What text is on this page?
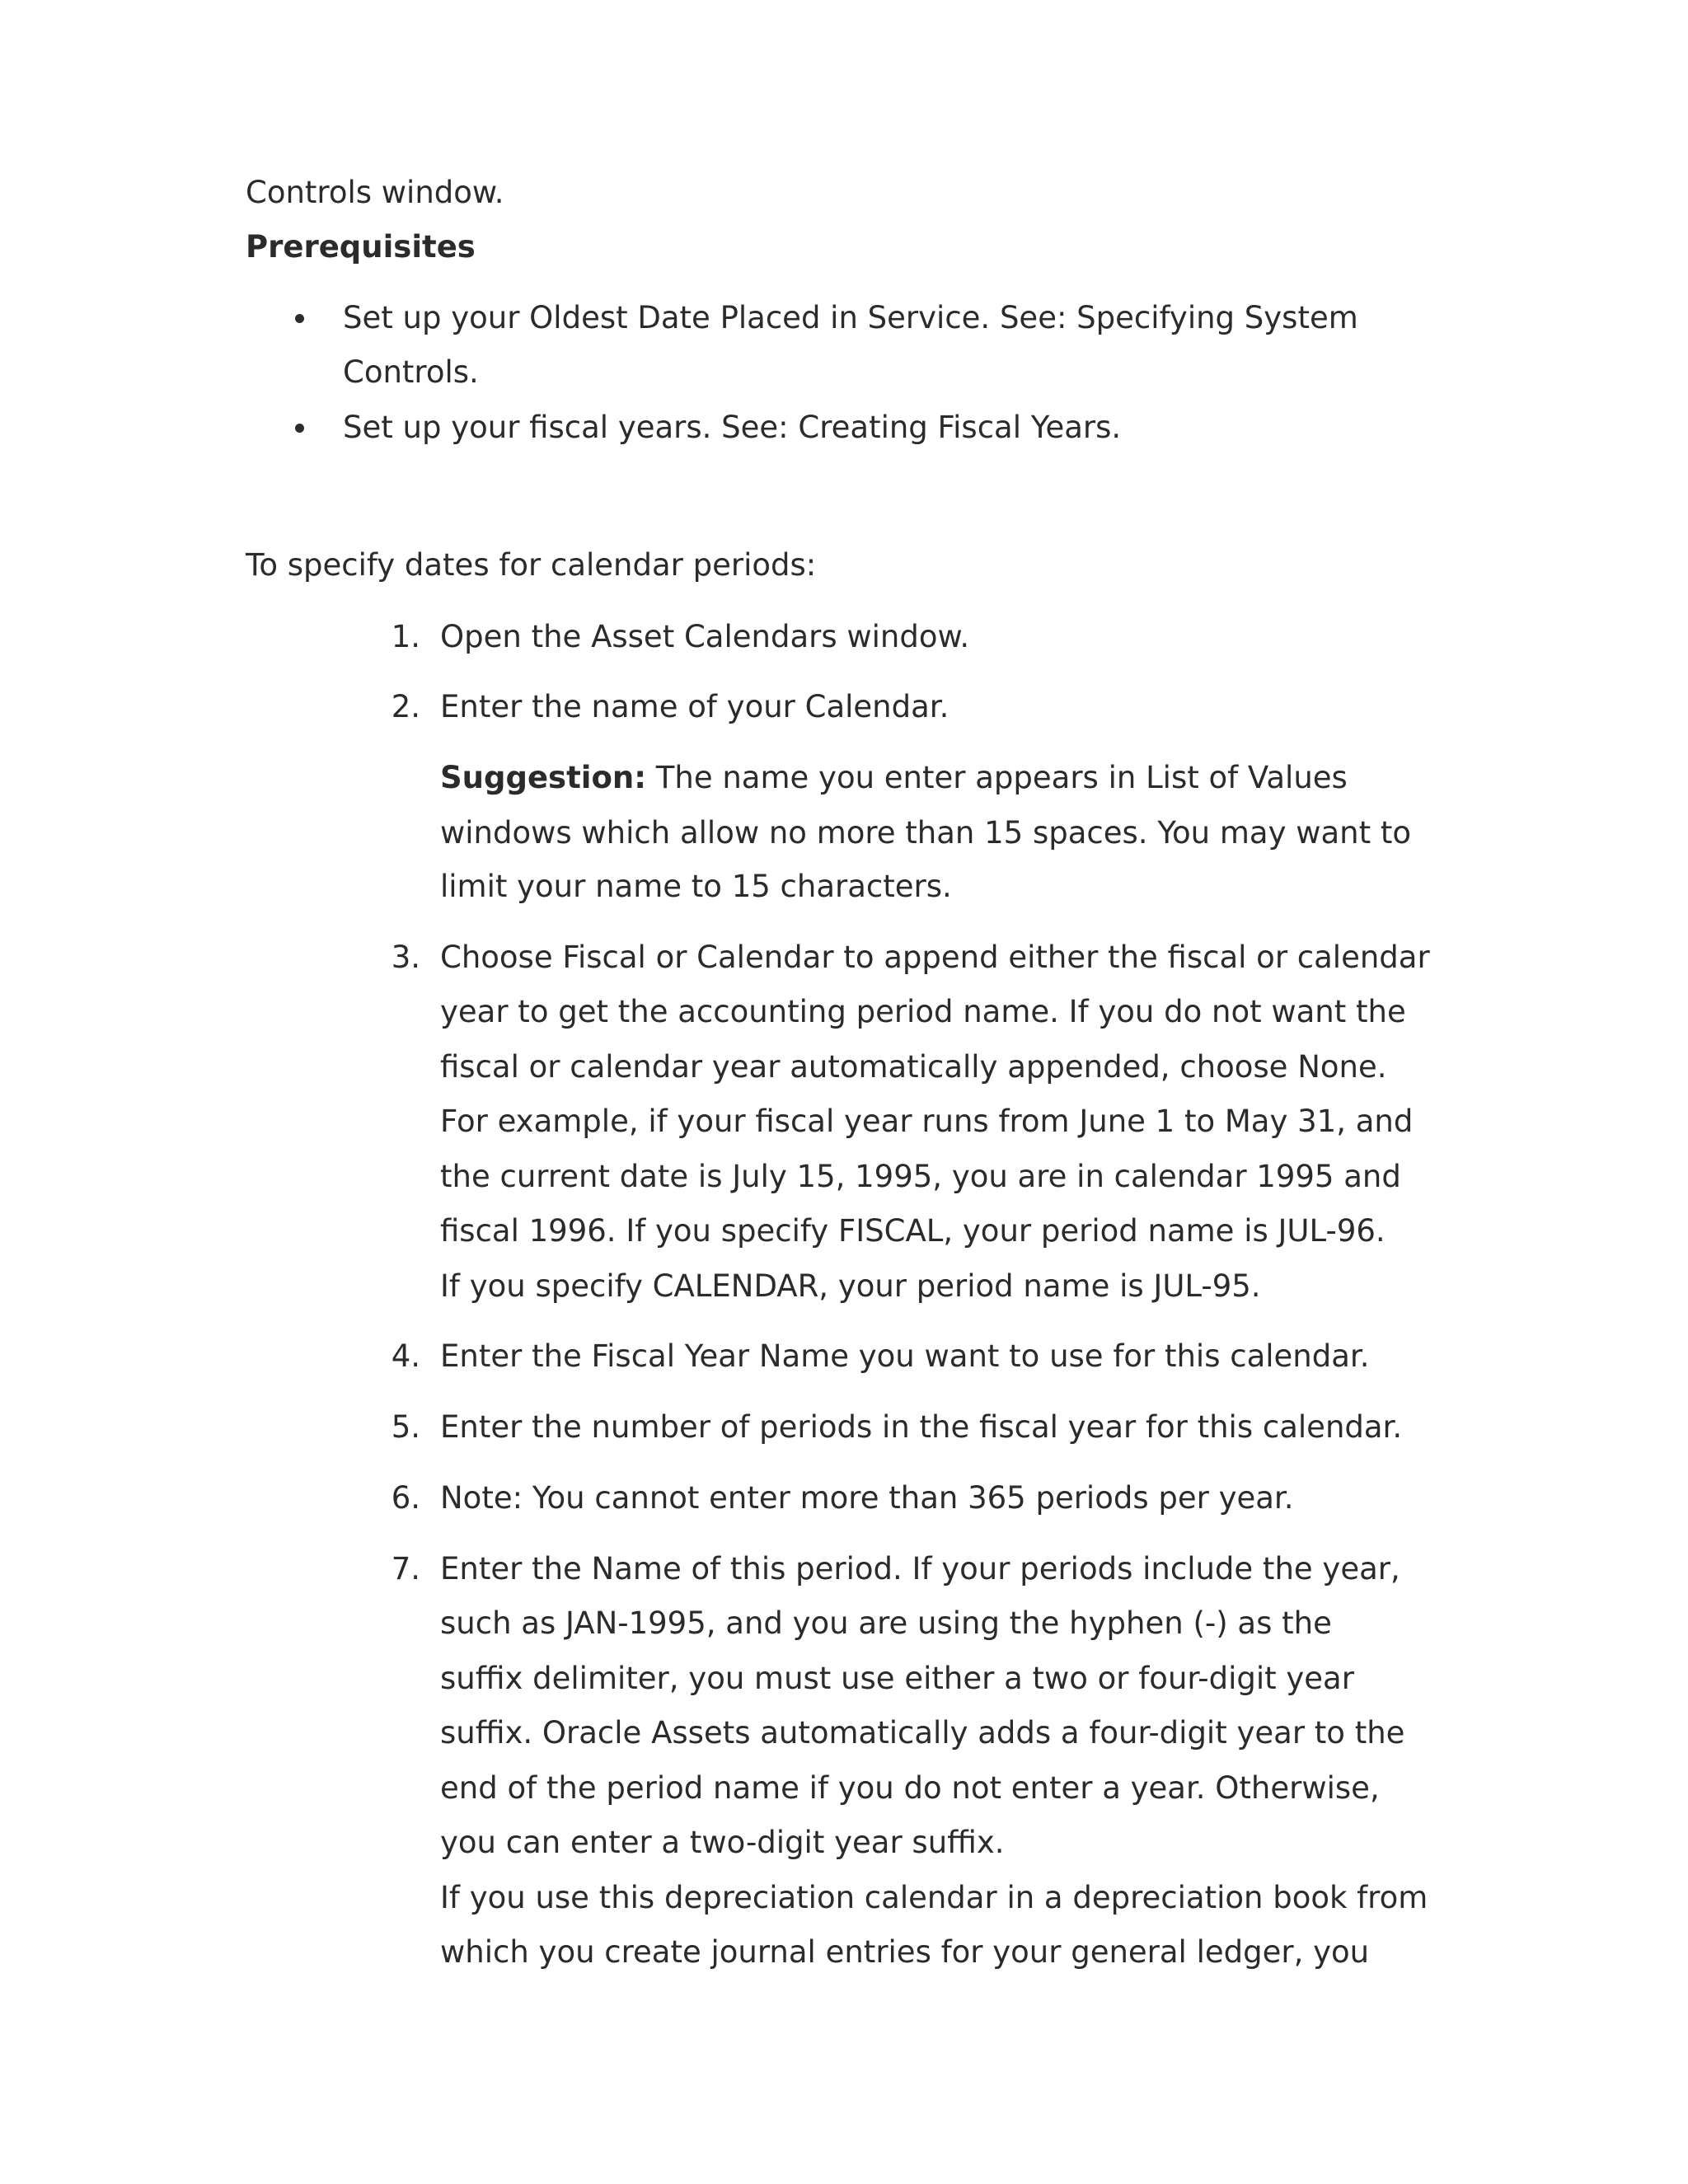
Controls window.
Prerequisites
Set up your Oldest Date Placed in Service. See: Specifying System
Controls.
Set up your fiscal years. See: Creating Fiscal Years.
To specify dates for calendar periods:
1. Open the Asset Calendars window.
2. Enter the name of your Calendar.
Suggestion: The name you enter appears in List of Values
windows which allow no more than 15 spaces. You may want to
limit your name to 15 characters.
3. Choose Fiscal or Calendar to append either the fiscal or calendar
year to get the accounting period name. If you do not want the
fiscal or calendar year automatically appended, choose None.
For example, if your fiscal year runs from June 1 to May 31, and
the current date is July 15, 1995, you are in calendar 1995 and
fiscal 1996. If you specify FISCAL, your period name is JUL-96.
If you specify CALENDAR, your period name is JUL-95.
4. Enter the Fiscal Year Name you want to use for this calendar.
5. Enter the number of periods in the fiscal year for this calendar.
6. Note: You cannot enter more than 365 periods per year.
7. Enter the Name of this period. If your periods include the year,
such as JAN-1995, and you are using the hyphen (-) as the
suffix delimiter, you must use either a two or four-digit year
suffix. Oracle Assets automatically adds a four-digit year to the
end of the period name if you do not enter a year. Otherwise,
you can enter a two-digit year suffix.
If you use this depreciation calendar in a depreciation book from
which you create journal entries for your general ledger, you
